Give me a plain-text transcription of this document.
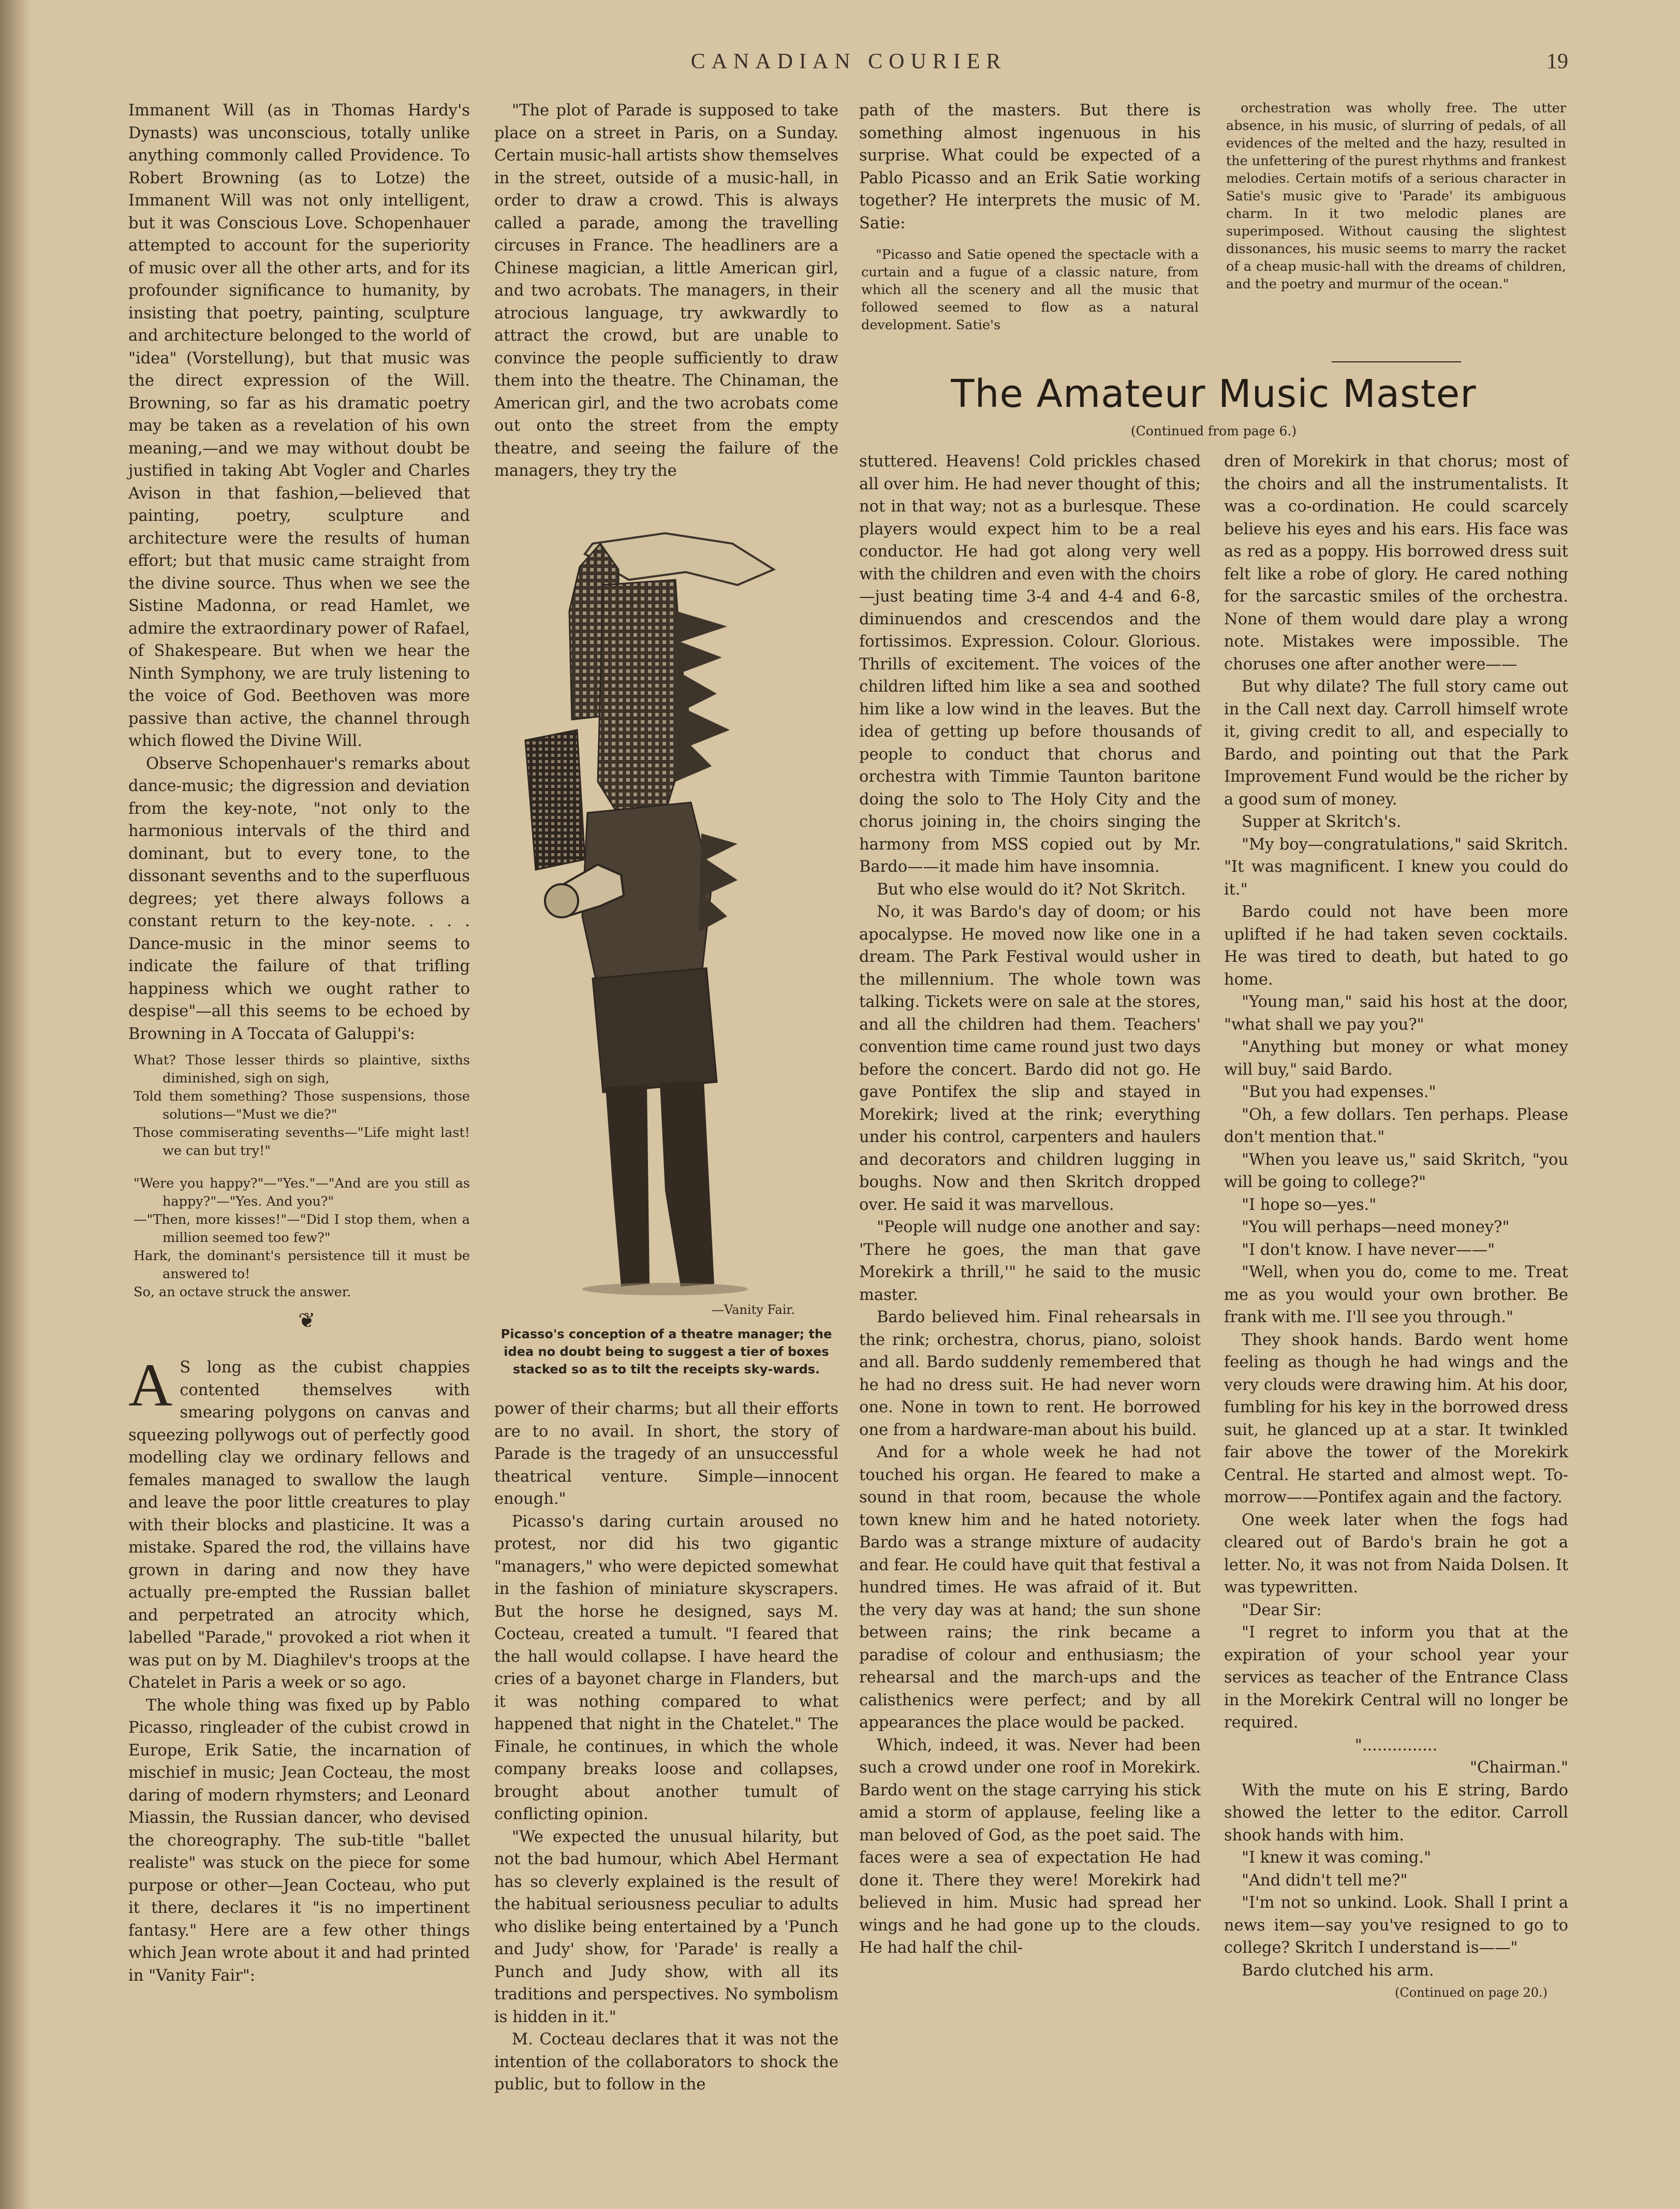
CANADIAN COURIER	19

Immanent Will (as in Thomas Hardy's Dynasts) was unconscious, totally unlike anything commonly called Providence. To Robert Browning (as to Lotze) the Immanent Will was not only intelligent, but it was Conscious Love. Schopenhauer attempted to account for the superiority of music over all the other arts, and for its profounder significance to humanity, by insisting that poetry, painting, sculpture and architecture belonged to the world of "idea" (Vorstellung), but that music was the direct expression of the Will. Browning, so far as his dramatic poetry may be taken as a revelation of his own meaning,—and we may without doubt be justified in taking Abt Vogler and Charles Avison in that fashion,—believed that painting, poetry, sculpture and architecture were the results of human effort; but that music came straight from the divine source. Thus when we see the Sistine Madonna, or read Hamlet, we admire the extraordinary power of Rafael, of Shakespeare. But when we hear the Ninth Symphony, we are truly listening to the voice of God. Beethoven was more passive than active, the channel through which flowed the Divine Will.

Observe Schopenhauer's remarks about dance-music; the digression and deviation from the key-note, "not only to the harmonious intervals of the third and dominant, but to every tone, to the dissonant sevenths and to the superfluous degrees; yet there always follows a constant return to the key-note. . . . Dance-music in the minor seems to indicate the failure of that trifling happiness which we ought rather to despise"—all this seems to be echoed by Browning in A Toccata of Galuppi's:

What? Those lesser thirds so plaintive, sixths diminished, sigh on sigh,
Told them something? Those suspensions, those solutions—"Must we die?"
Those commiserating sevenths—"Life might last! we can but try!"
"Were you happy?"—"Yes."—"And are you still as happy?"—"Yes. And you?"
—"Then, more kisses!"—"Did I stop them, when a million seemed too few?"
Hark, the dominant's persistence till it must be answered to!
So, an octave struck the answer.
❦

A S long as the cubist chappies contented themselves with smearing polygons on canvas and squeezing pollywogs out of perfectly good modelling clay we ordinary fellows and females managed to swallow the laugh and leave the poor little creatures to play with their blocks and plasticine. It was a mistake. Spared the rod, the villains have grown in daring and now they have actually pre-empted the Russian ballet and perpetrated an atrocity which, labelled "Parade," provoked a riot when it was put on by M. Diaghilev's troops at the Chatelet in Paris a week or so ago.

The whole thing was fixed up by Pablo Picasso, ringleader of the cubist crowd in Europe, Erik Satie, the incarnation of mischief in music; Jean Cocteau, the most daring of modern rhymsters; and Leonard Miassin, the Russian dancer, who devised the choreography. The sub-title "ballet realiste" was stuck on the piece for some purpose or other—Jean Cocteau, who put it there, declares it "is no impertinent fantasy." Here are a few other things which Jean wrote about it and had printed in "Vanity Fair":

"The plot of Parade is supposed to take place on a street in Paris, on a Sunday. Certain music-hall artists show themselves in the street, outside of a music-hall, in order to draw a crowd. This is always called a parade, among the travelling circuses in France. The headliners are a Chinese magician, a little American girl, and two acrobats. The managers, in their atrocious language, try awkwardly to attract the crowd, but are unable to convince the people sufficiently to draw them into the theatre. The Chinaman, the American girl, and the two acrobats come out onto the street from the empty theatre, and seeing the failure of the managers, they try the

—Vanity Fair.
Picasso's conception of a theatre manager; the idea no doubt being to suggest a tier of boxes stacked so as to tilt the receipts sky-wards.

power of their charms; but all their efforts are to no avail. In short, the story of Parade is the tragedy of an unsuccessful theatrical venture. Simple—innocent enough."

Picasso's daring curtain aroused no protest, nor did his two gigantic "managers," who were depicted somewhat in the fashion of miniature skyscrapers. But the horse he designed, says M. Cocteau, created a tumult. "I feared that the hall would collapse. I have heard the cries of a bayonet charge in Flanders, but it was nothing compared to what happened that night in the Chatelet." The Finale, he continues, in which the whole company breaks loose and collapses, brought about another tumult of conflicting opinion.

"We expected the unusual hilarity, but not the bad humour, which Abel Hermant has so cleverly explained is the result of the habitual seriousness peculiar to adults who dislike being entertained by a 'Punch and Judy' show, for 'Parade' is really a Punch and Judy show, with all its traditions and perspectives. No symbolism is hidden in it."

M. Cocteau declares that it was not the intention of the collaborators to shock the public, but to follow in the

path of the masters. But there is something almost ingenuous in his surprise. What could be expected of a Pablo Picasso and an Erik Satie working together? He interprets the music of M. Satie:

"Picasso and Satie opened the spectacle with a curtain and a fugue of a classic nature, from which all the scenery and all the music that followed seemed to flow as a natural development. Satie's

orchestration was wholly free. The utter absence, in his music, of slurring of pedals, of all evidences of the melted and the hazy, resulted in the unfettering of the purest rhythms and frankest melodies. Certain motifs of a serious character in Satie's music give to 'Parade' its ambiguous charm. In it two melodic planes are superimposed. Without causing the slightest dissonances, his music seems to marry the racket of a cheap music-hall with the dreams of children, and the poetry and murmur of the ocean."

The Amateur Music Master
(Continued from page 6.)

stuttered. Heavens! Cold prickles chased all over him. He had never thought of this; not in that way; not as a burlesque. These players would expect him to be a real conductor. He had got along very well with the children and even with the choirs—just beating time 3-4 and 4-4 and 6-8, diminuendos and crescendos and the fortissimos. Expression. Colour. Glorious. Thrills of excitement. The voices of the children lifted him like a sea and soothed him like a low wind in the leaves. But the idea of getting up before thousands of people to conduct that chorus and orchestra with Timmie Taunton baritone doing the solo to The Holy City and the chorus joining in, the choirs singing the harmony from MSS copied out by Mr. Bardo——it made him have insomnia.

But who else would do it? Not Skritch.

No, it was Bardo's day of doom; or his apocalypse. He moved now like one in a dream. The Park Festival would usher in the millennium. The whole town was talking. Tickets were on sale at the stores, and all the children had them. Teachers' convention time came round just two days before the concert. Bardo did not go. He gave Pontifex the slip and stayed in Morekirk; lived at the rink; everything under his control, carpenters and haulers and decorators and children lugging in boughs. Now and then Skritch dropped over. He said it was marvellous.

"People will nudge one another and say: 'There he goes, the man that gave Morekirk a thrill,'" he said to the music master.

Bardo believed him. Final rehearsals in the rink; orchestra, chorus, piano, soloist and all. Bardo suddenly remembered that he had no dress suit. He had never worn one. None in town to rent. He borrowed one from a hardware-man about his build.

And for a whole week he had not touched his organ. He feared to make a sound in that room, because the whole town knew him and he hated notoriety. Bardo was a strange mixture of audacity and fear. He could have quit that festival a hundred times. He was afraid of it. But the very day was at hand; the sun shone between rains; the rink became a paradise of colour and enthusiasm; the rehearsal and the march-ups and the calisthenics were perfect; and by all appearances the place would be packed.

Which, indeed, it was. Never had been such a crowd under one roof in Morekirk. Bardo went on the stage carrying his stick amid a storm of applause, feeling like a man beloved of God, as the poet said. The faces were a sea of expectation He had done it. There they were! Morekirk had believed in him. Music had spread her wings and he had gone up to the clouds. He had half the chil-

dren of Morekirk in that chorus; most of the choirs and all the instrumentalists. It was a co-ordination. He could scarcely believe his eyes and his ears. His face was as red as a poppy. His borrowed dress suit felt like a robe of glory. He cared nothing for the sarcastic smiles of the orchestra. None of them would dare play a wrong note. Mistakes were impossible. The choruses one after another were——

But why dilate? The full story came out in the Call next day. Carroll himself wrote it, giving credit to all, and especially to Bardo, and pointing out that the Park Improvement Fund would be the richer by a good sum of money.

Supper at Skritch's.

"My boy—congratulations," said Skritch. "It was magnificent. I knew you could do it."

Bardo could not have been more uplifted if he had taken seven cocktails. He was tired to death, but hated to go home.

"Young man," said his host at the door, "what shall we pay you?"

"Anything but money or what money will buy," said Bardo.

"But you had expenses."

"Oh, a few dollars. Ten perhaps. Please don't mention that."

"When you leave us," said Skritch, "you will be going to college?"

"I hope so—yes."

"You will perhaps—need money?"

"I don't know. I have never——"

"Well, when you do, come to me. Treat me as you would your own brother. Be frank with me. I'll see you through."

They shook hands. Bardo went home feeling as though he had wings and the very clouds were drawing him. At his door, fumbling for his key in the borrowed dress suit, he glanced up at a star. It twinkled fair above the tower of the Morekirk Central. He started and almost wept. To-morrow——Pontifex again and the factory.

One week later when the fogs had cleared out of Bardo's brain he got a letter. No, it was not from Naida Dolsen. It was typewritten.

"Dear Sir:

"I regret to inform you that at the expiration of your school year your services as teacher of the Entrance Class in the Morekirk Central will no longer be required.

"...............

"Chairman."

With the mute on his E string, Bardo showed the letter to the editor. Carroll shook hands with him.

"I knew it was coming."

"And didn't tell me?"

"I'm not so unkind. Look. Shall I print a news item—say you've resigned to go to college? Skritch I understand is——"

Bardo clutched his arm.

(Continued on page 20.)
